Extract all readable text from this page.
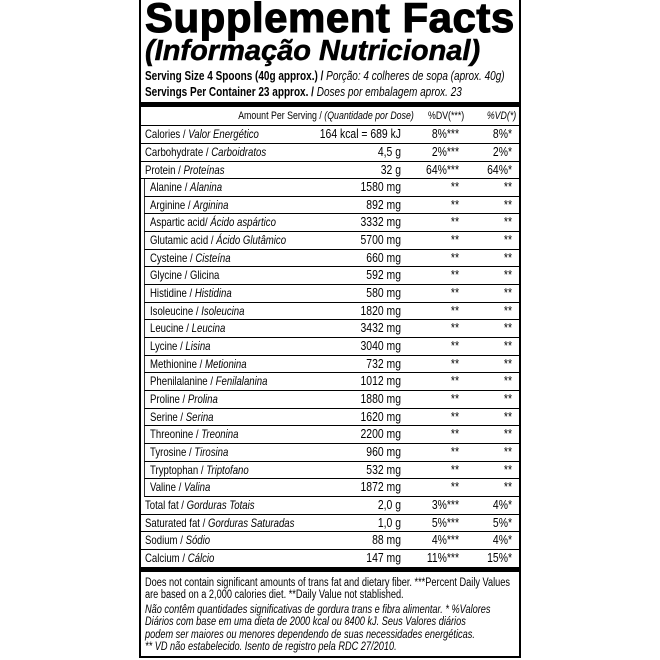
Supplement Facts
(Informação Nutricional)
Serving Size 4 Spoons (40g approx.) / Porção: 4 colheres de sopa (aprox. 40g)
Servings Per Container 23 approx. / Doses por embalagem aprox. 23
Amount Per Serving / (Quantidade por Dose) %DV(***) %VD(*)
Calories / Valor Energético	164 kcal = 689 kJ 8%***	8%*
Carbohydrate / Carboidratos	4,5 g 2%***	2%*
Protein / Proteínas	32 g 64%*** 64%*
Alanine / Alanina	1580 mg	**	**
Arginine / Arginina	892 mg	**	**
Aspartic acid/ Ácido aspártico	3332 mg	**	**
Glutamic acid / Ácido Glutâmico	5700 mg	**	**
Cysteine / Cisteína	660 mg	**	**
Glycine / Glicina	592 mg	**	**
Histidine / Histidina	580 mg	**	**
Isoleucine / Isoleucina	1820 mg	**	**
Leucine / Leucina	3432 mg	**	**
Lycine / Lisina	3040 mg	**	**
Methionine / Metionina	732 mg	**	**
Phenilalanine / Fenilalanina	1012 mg	**	**
Proline / Prolina	1880 mg	**	**
Serine / Serina	1620 mg	**	**
Threonine / Treonina	2200 mg	**	**
Tyrosine / Tirosina	960 mg	**	**
Tryptophan / Triptofano	532 mg	**	**
Valine / Valina	1872 mg	**	**
Total fat / Gorduras Totais	2,0 g 3%***	4%*
Saturated fat / Gorduras Saturadas	1,0 g 5%***	5%*
Sodium / Sódio	88 mg 4%***	4%*
Calcium / Cálcio	147 mg 11%*** 15%*
Does not contain significant amounts of trans fat and dietary fiber. ***Percent Daily Values
are based on a 2,000 calories diet. **Daily Value not stablished.
Não contêm quantidades significativas de gordura trans e fibra alimentar. * %Valores
Diários com base em uma dieta de 2000 kcal ou 8400 kJ. Seus Valores diários
podem ser maiores ou menores dependendo de suas necessidades energéticas.
** VD não estabelecido. Isento de registro pela RDC 27/2010.
